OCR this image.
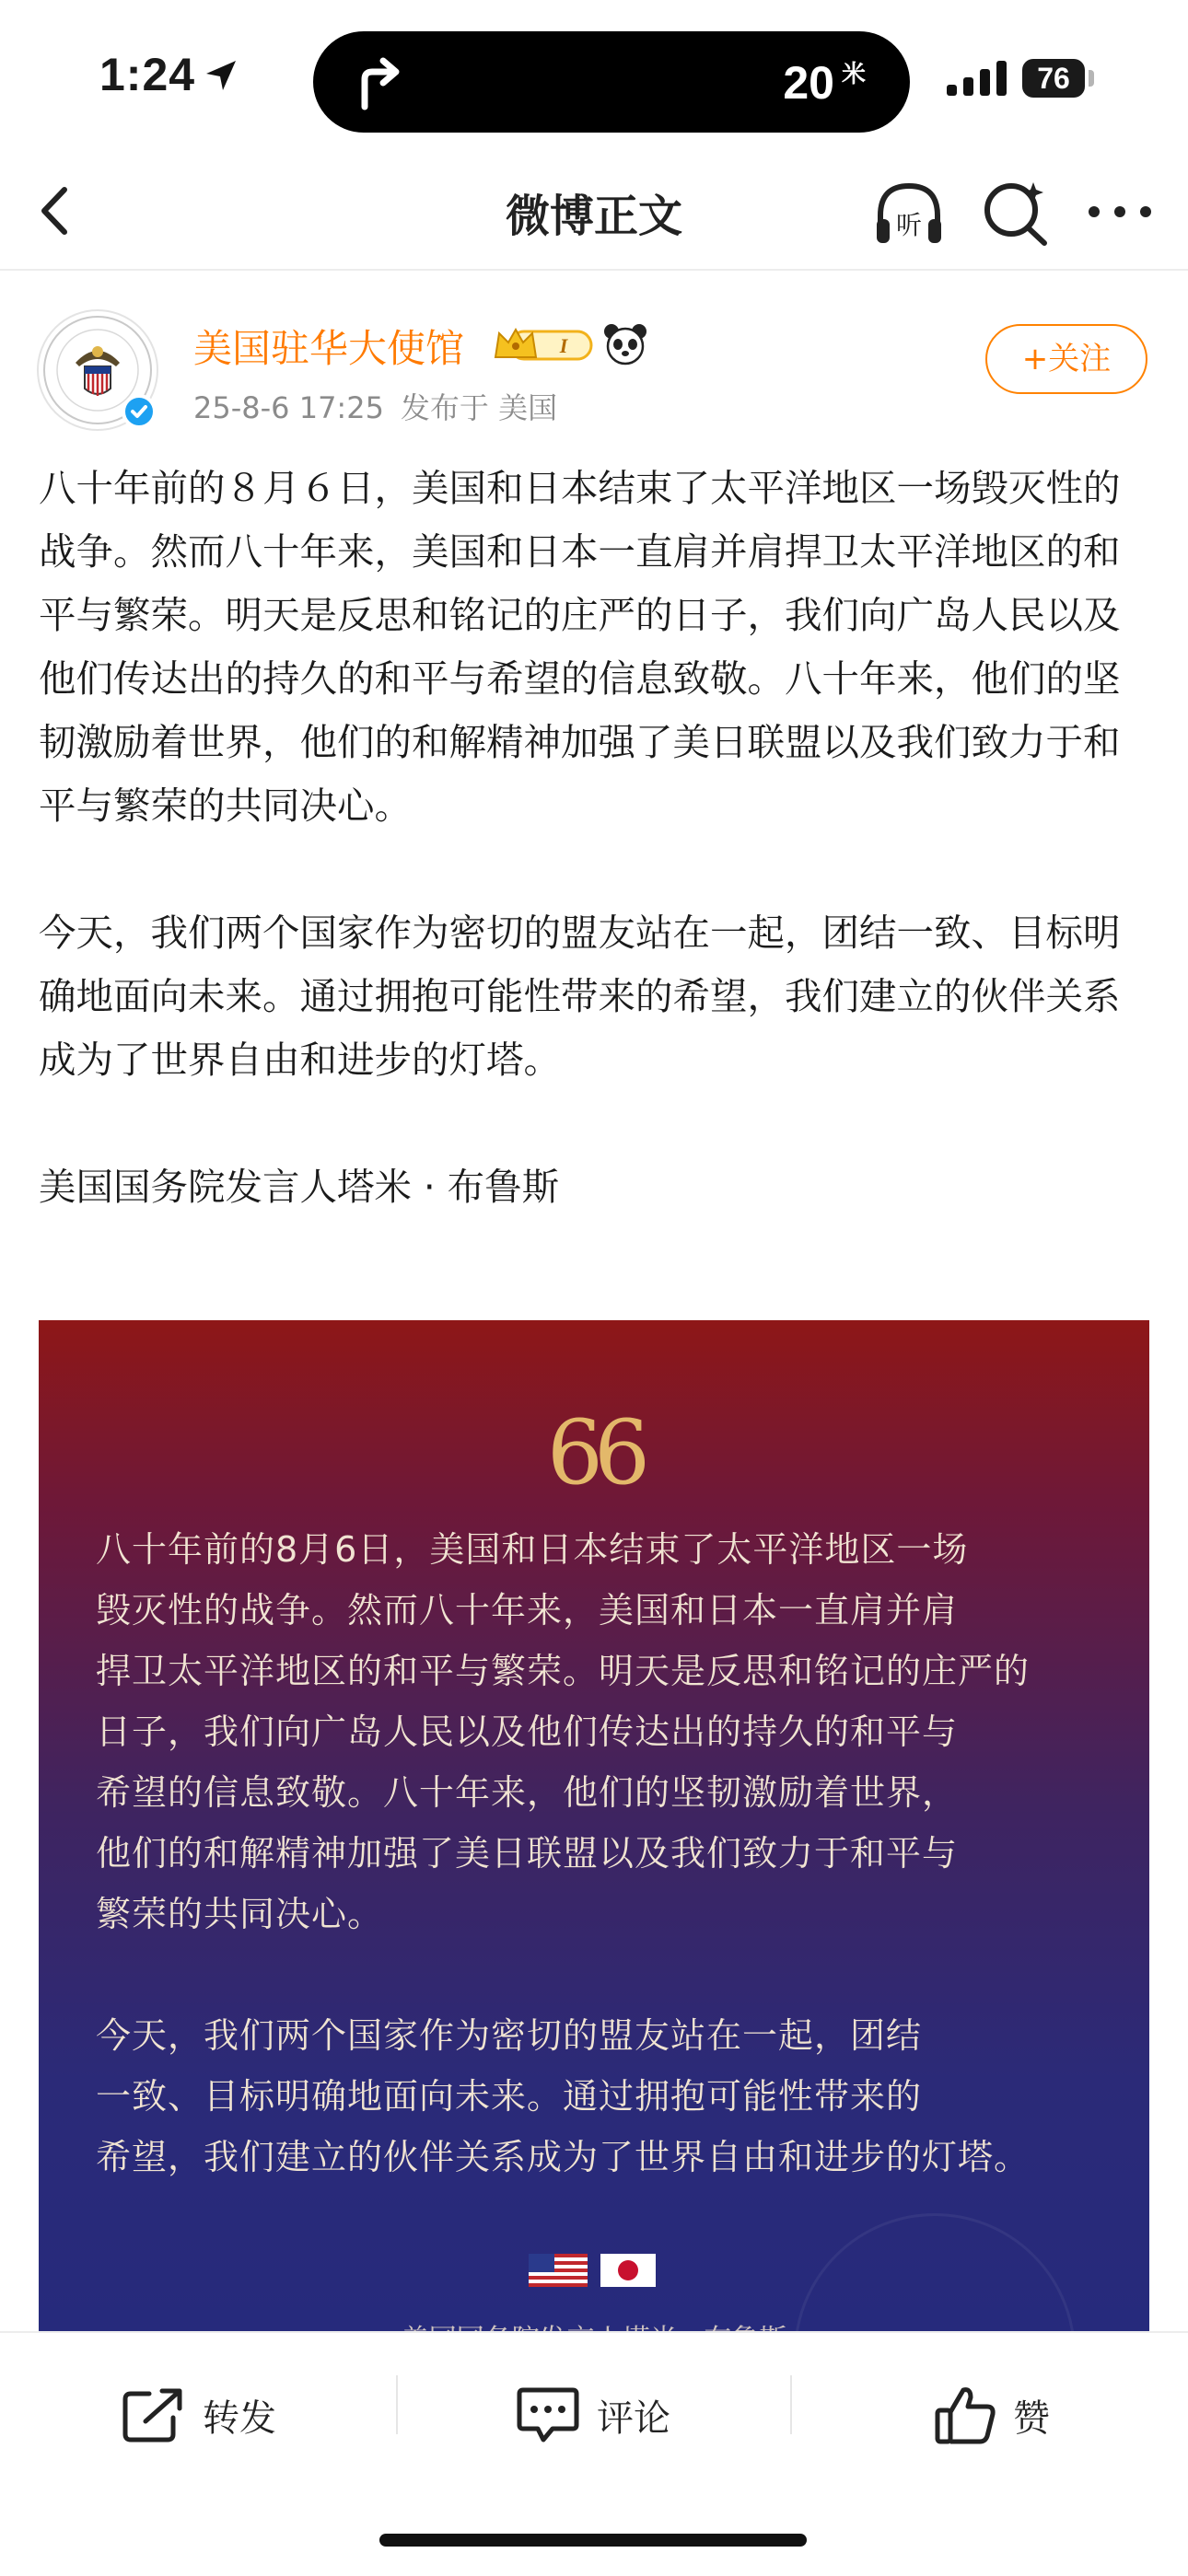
1:24	20 $^米$	76
微博正文	听
美国驻华大使馆	I
25-8-6 17:25 发布于 美国
+关注

八十年前的８月６日，美国和日本结束了太平洋地区一场毁灭性的战争。然而八十年来，美国和日本一直肩并肩捍卫太平洋地区的和平与繁荣。明天是反思和铭记的庄严的日子，我们向广岛人民以及他们传达出的持久的和平与希望的信息致敬。八十年来，他们的坚韧激励着世界，他们的和解精神加强了美日联盟以及我们致力于和平与繁荣的共同决心。

今天，我们两个国家作为密切的盟友站在一起，团结一致、目标明确地面向未来。通过拥抱可能性带来的希望，我们建立的伙伴关系成为了世界自由和进步的灯塔。

美国国务院发言人塔米 · 布鲁斯

66

八十年前的8月6日，美国和日本结束了太平洋地区一场

毁灭性的战争。然而八十年来，美国和日本一直肩并肩

捍卫太平洋地区的和平与繁荣。明天是反思和铭记的庄严的

日子，我们向广岛人民以及他们传达出的持久的和平与

希望的信息致敬。八十年来，他们的坚韧激励着世界，

他们的和解精神加强了美日联盟以及我们致力于和平与

繁荣的共同决心。

今天，我们两个国家作为密切的盟友站在一起，团结

一致、目标明确地面向未来。通过拥抱可能性带来的

希望，我们建立的伙伴关系成为了世界自由和进步的灯塔。

转发	评论	赞
